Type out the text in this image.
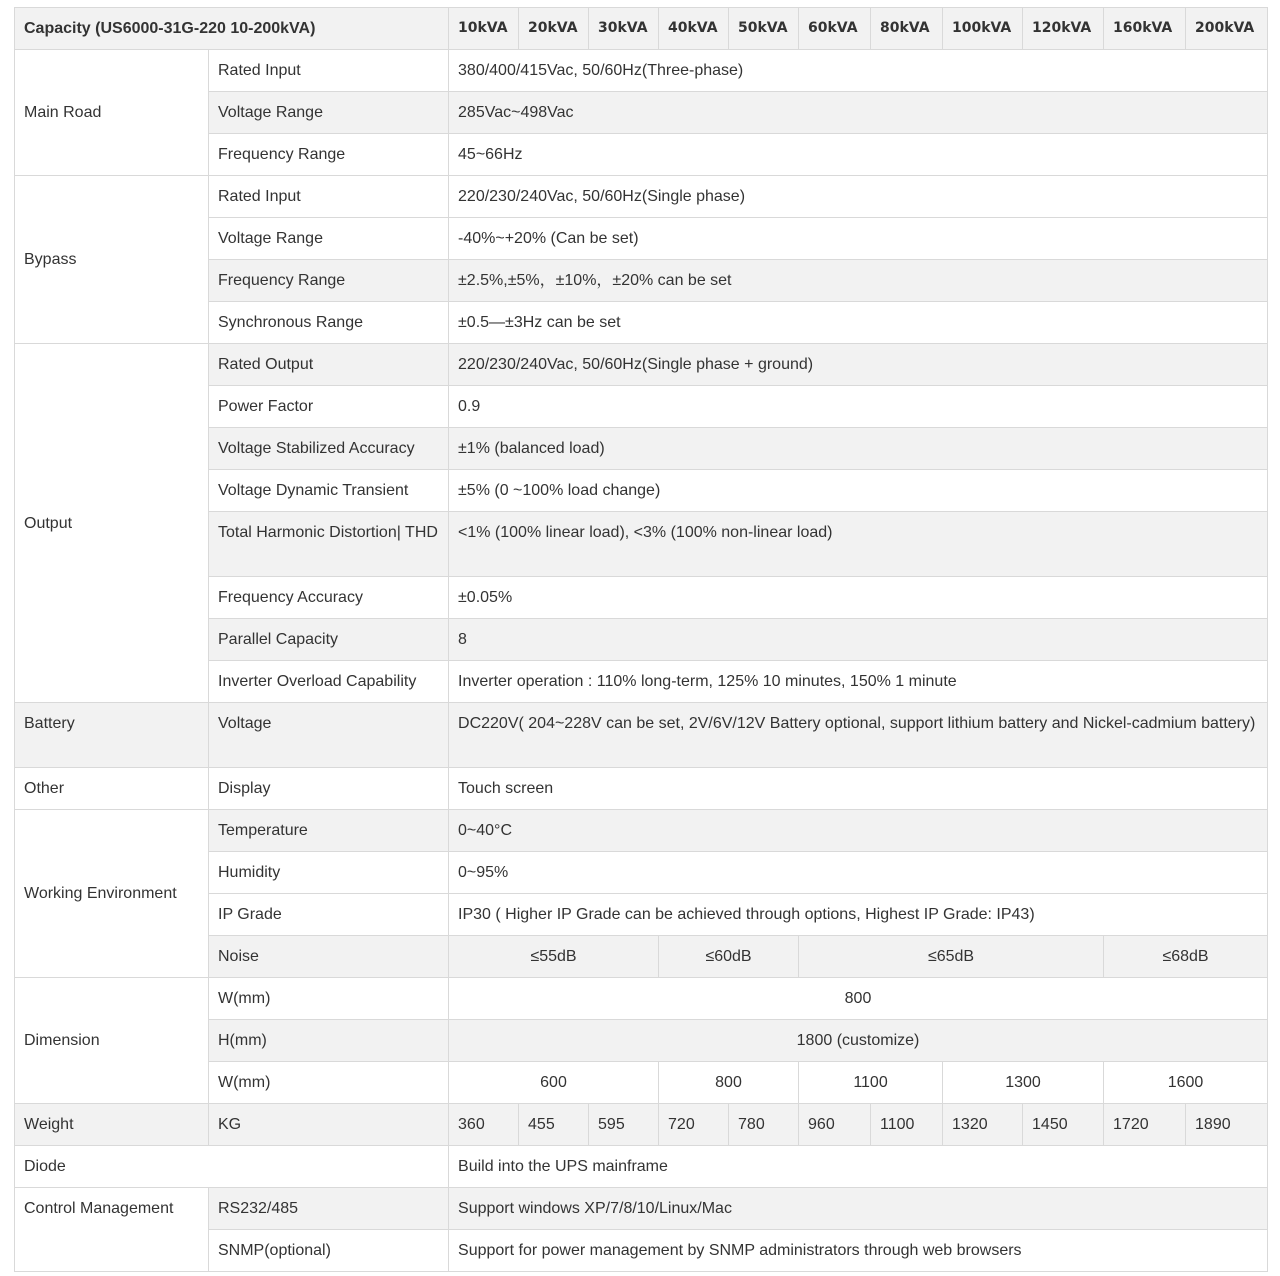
Capacity (US6000-31G-220 10-200kVA)		10kVA	20kVA	30kVA	40kVA	50kVA	60kVA	80kVA	100kVA	120kVA	160kVA	200kVA
Main Road	Rated Input	380/400/415Vac, 50/60Hz(Three-phase)										
	Voltage Range	285Vac~498Vac										
	Frequency Range	45~66Hz										
Bypass	Rated Input	220/230/240Vac, 50/60Hz(Single phase)										
	Voltage Range	-40%~+20% (Can be set)										
	Frequency Range	±2.5%,±5%，±10%，±20% can be set										
	Synchronous Range	±0.5—±3Hz can be set										
Output	Rated Output	220/230/240Vac, 50/60Hz(Single phase + ground)										
	Power Factor	0.9										
	Voltage Stabilized Accuracy	±1% (balanced load)										
	Voltage Dynamic Transient	±5% (0 ~100% load change)										
	Total Harmonic Distortion| THD	<1% (100% linear load), <3% (100% non-linear load)										
	Frequency Accuracy	±0.05%										
	Parallel Capacity	8										
	Inverter Overload Capability	Inverter operation : 110% long-term, 125% 10 minutes, 150% 1 minute										
Battery	Voltage	DC220V( 204~228V can be set, 2V/6V/12V Battery optional, support lithium battery and Nickel-cadmium battery)										
Other	Display	Touch screen										
Working Environment	Temperature	0~40°C										
	Humidity	0~95%										
	IP Grade	IP30 ( Higher IP Grade can be achieved through options, Highest IP Grade: IP43)										
	Noise	≤55dB			≤60dB		≤65dB				≤68dB	
Dimension	W(mm)	800										
	H(mm)	1800 (customize)										
	W(mm)	600			800		1100		1300		1600	
Weight	KG	360	455	595	720	780	960	1100	1320	1450	1720	1890
Diode		Build into the UPS mainframe										
Control Management	RS232/485	Support windows XP/7/8/10/Linux/Mac										
	SNMP(optional)	Support for power management by SNMP administrators through web browsers										
